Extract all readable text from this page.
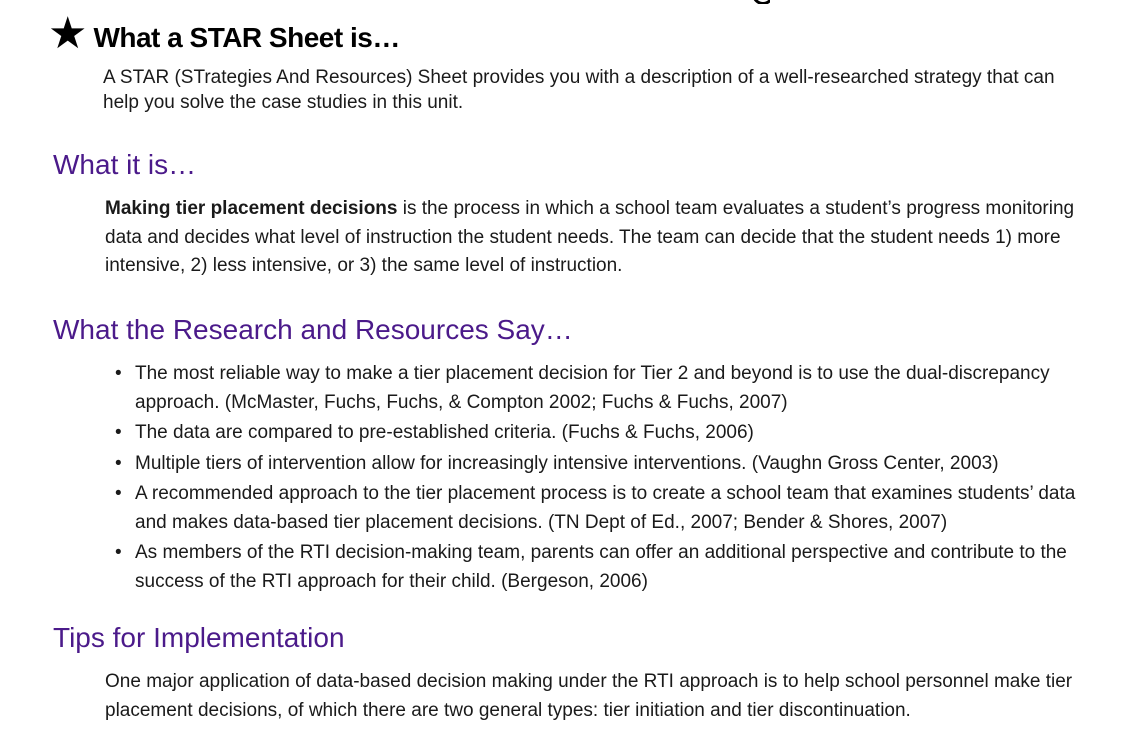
★ What a STAR Sheet is…
A STAR (STrategies And Resources) Sheet provides you with a description of a well-researched strategy that can help you solve the case studies in this unit.
What it is…
Making tier placement decisions is the process in which a school team evaluates a student’s progress monitoring data and decides what level of instruction the student needs. The team can decide that the student needs 1) more intensive, 2) less intensive, or 3) the same level of instruction.
What the Research and Resources Say…
• The most reliable way to make a tier placement decision for Tier 2 and beyond is to use the dual-discrepancy approach. (McMaster, Fuchs, Fuchs, & Compton 2002; Fuchs & Fuchs, 2007)
• The data are compared to pre-established criteria. (Fuchs & Fuchs, 2006)
• Multiple tiers of intervention allow for increasingly intensive interventions. (Vaughn Gross Center, 2003)
• A recommended approach to the tier placement process is to create a school team that examines students’ data and makes data-based tier placement decisions. (TN Dept of Ed., 2007; Bender & Shores, 2007)
• As members of the RTI decision-making team, parents can offer an additional perspective and contribute to the success of the RTI approach for their child. (Bergeson, 2006)
Tips for Implementation
One major application of data-based decision making under the RTI approach is to help school personnel make tier placement decisions, of which there are two general types: tier initiation and tier discontinuation.
